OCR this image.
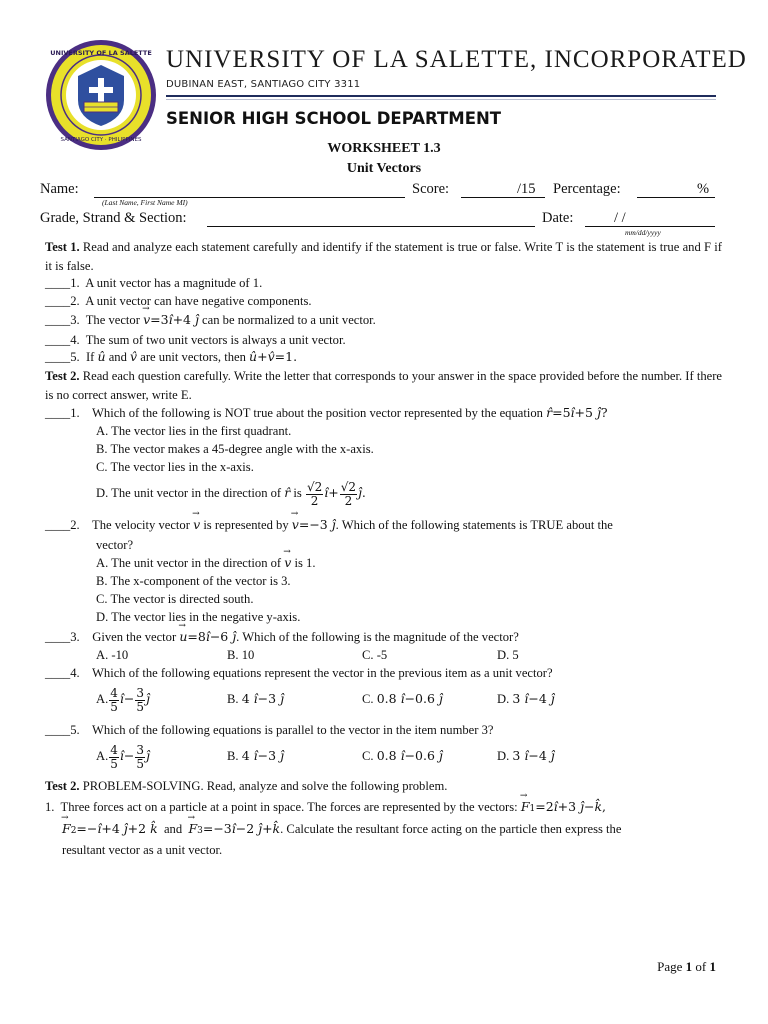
UNIVERSITY OF LA SALETTE
SANTIAGO CITY · PHILIPPINES
UNIVERSITY OF LA SALETTE, INCORPORATED
DUBINAN EAST, SANTIAGO CITY 3311
SENIOR HIGH SCHOOL DEPARTMENT
WORKSHEET 1.3
Unit Vectors
Name:
(Last Name, First Name MI)
Score:	/15 Percentage:	%
Grade, Strand & Section:	Date:	/ /
mm/dd/yyyy
Test 1. Read and analyze each statement carefully and identify if the statement is true or false. Write T is the statement is true and F if it is false.
____1. A unit vector has a magnitude of 1.
____2. A unit vector can have negative components.
____3. The vector → v=3î+4 ĵ can be normalized to a unit vector.
____4. The sum of two unit vectors is always a unit vector.
____5. If û and v̂ are unit vectors, then û+v̂=1.
Test 2. Read each question carefully. Write the letter that corresponds to your answer in the space provided before the number. If there is no correct answer, write E.
____1. Which of the following is NOT true about the position vector represented by the equation r̂=5î+5 ĵ?
A. The vector lies in the first quadrant.
B. The vector makes a 45-degree angle with the x-axis.
C. The vector lies in the x-axis.
D. The unit vector in the direction of r̂ is $\frac{√2}{2}$ î+ $\frac{√2}{2}$ ĵ.
____2. The velocity vector → v is represented by → v=−3 ĵ. Which of the following statements is TRUE about the
vector?
A. The unit vector in the direction of → v is 1.
B. The x-component of the vector is 3.
C. The vector is directed south.
D. The vector lies in the negative y-axis.
____3. Given the vector → u=8î−6 ĵ. Which of the following is the magnitude of the vector?
A. -10	B. 10	C. -5	D. 5
____4. Which of the following equations represent the vector in the previous item as a unit vector?
A. $\frac{4}{5}$ î− $\frac{3}{5}$ ĵ	B. 4 î−3 ĵ	C. 0.8 î−0.6 ĵ	D. 3 î−4 ĵ
____5. Which of the following equations is parallel to the vector in the item number 3?
A. $\frac{4}{5}$ î− $\frac{3}{5}$ ĵ	B. 4 î−3 ĵ	C. 0.8 î−0.6 ĵ	D. 3 î−4 ĵ
Test 2. PROBLEM-SOLVING. Read, analyze and solve the following problem.
1. Three forces act on a particle at a point in space. The forces are represented by the vectors: → F1=2î+3 ĵ−k̂,
→ F2=−î+4 ĵ+2 k̂ and → F3=−3î−2 ĵ+k̂. Calculate the resultant force acting on the particle then express the
resultant vector as a unit vector.
Page 1 of 1
